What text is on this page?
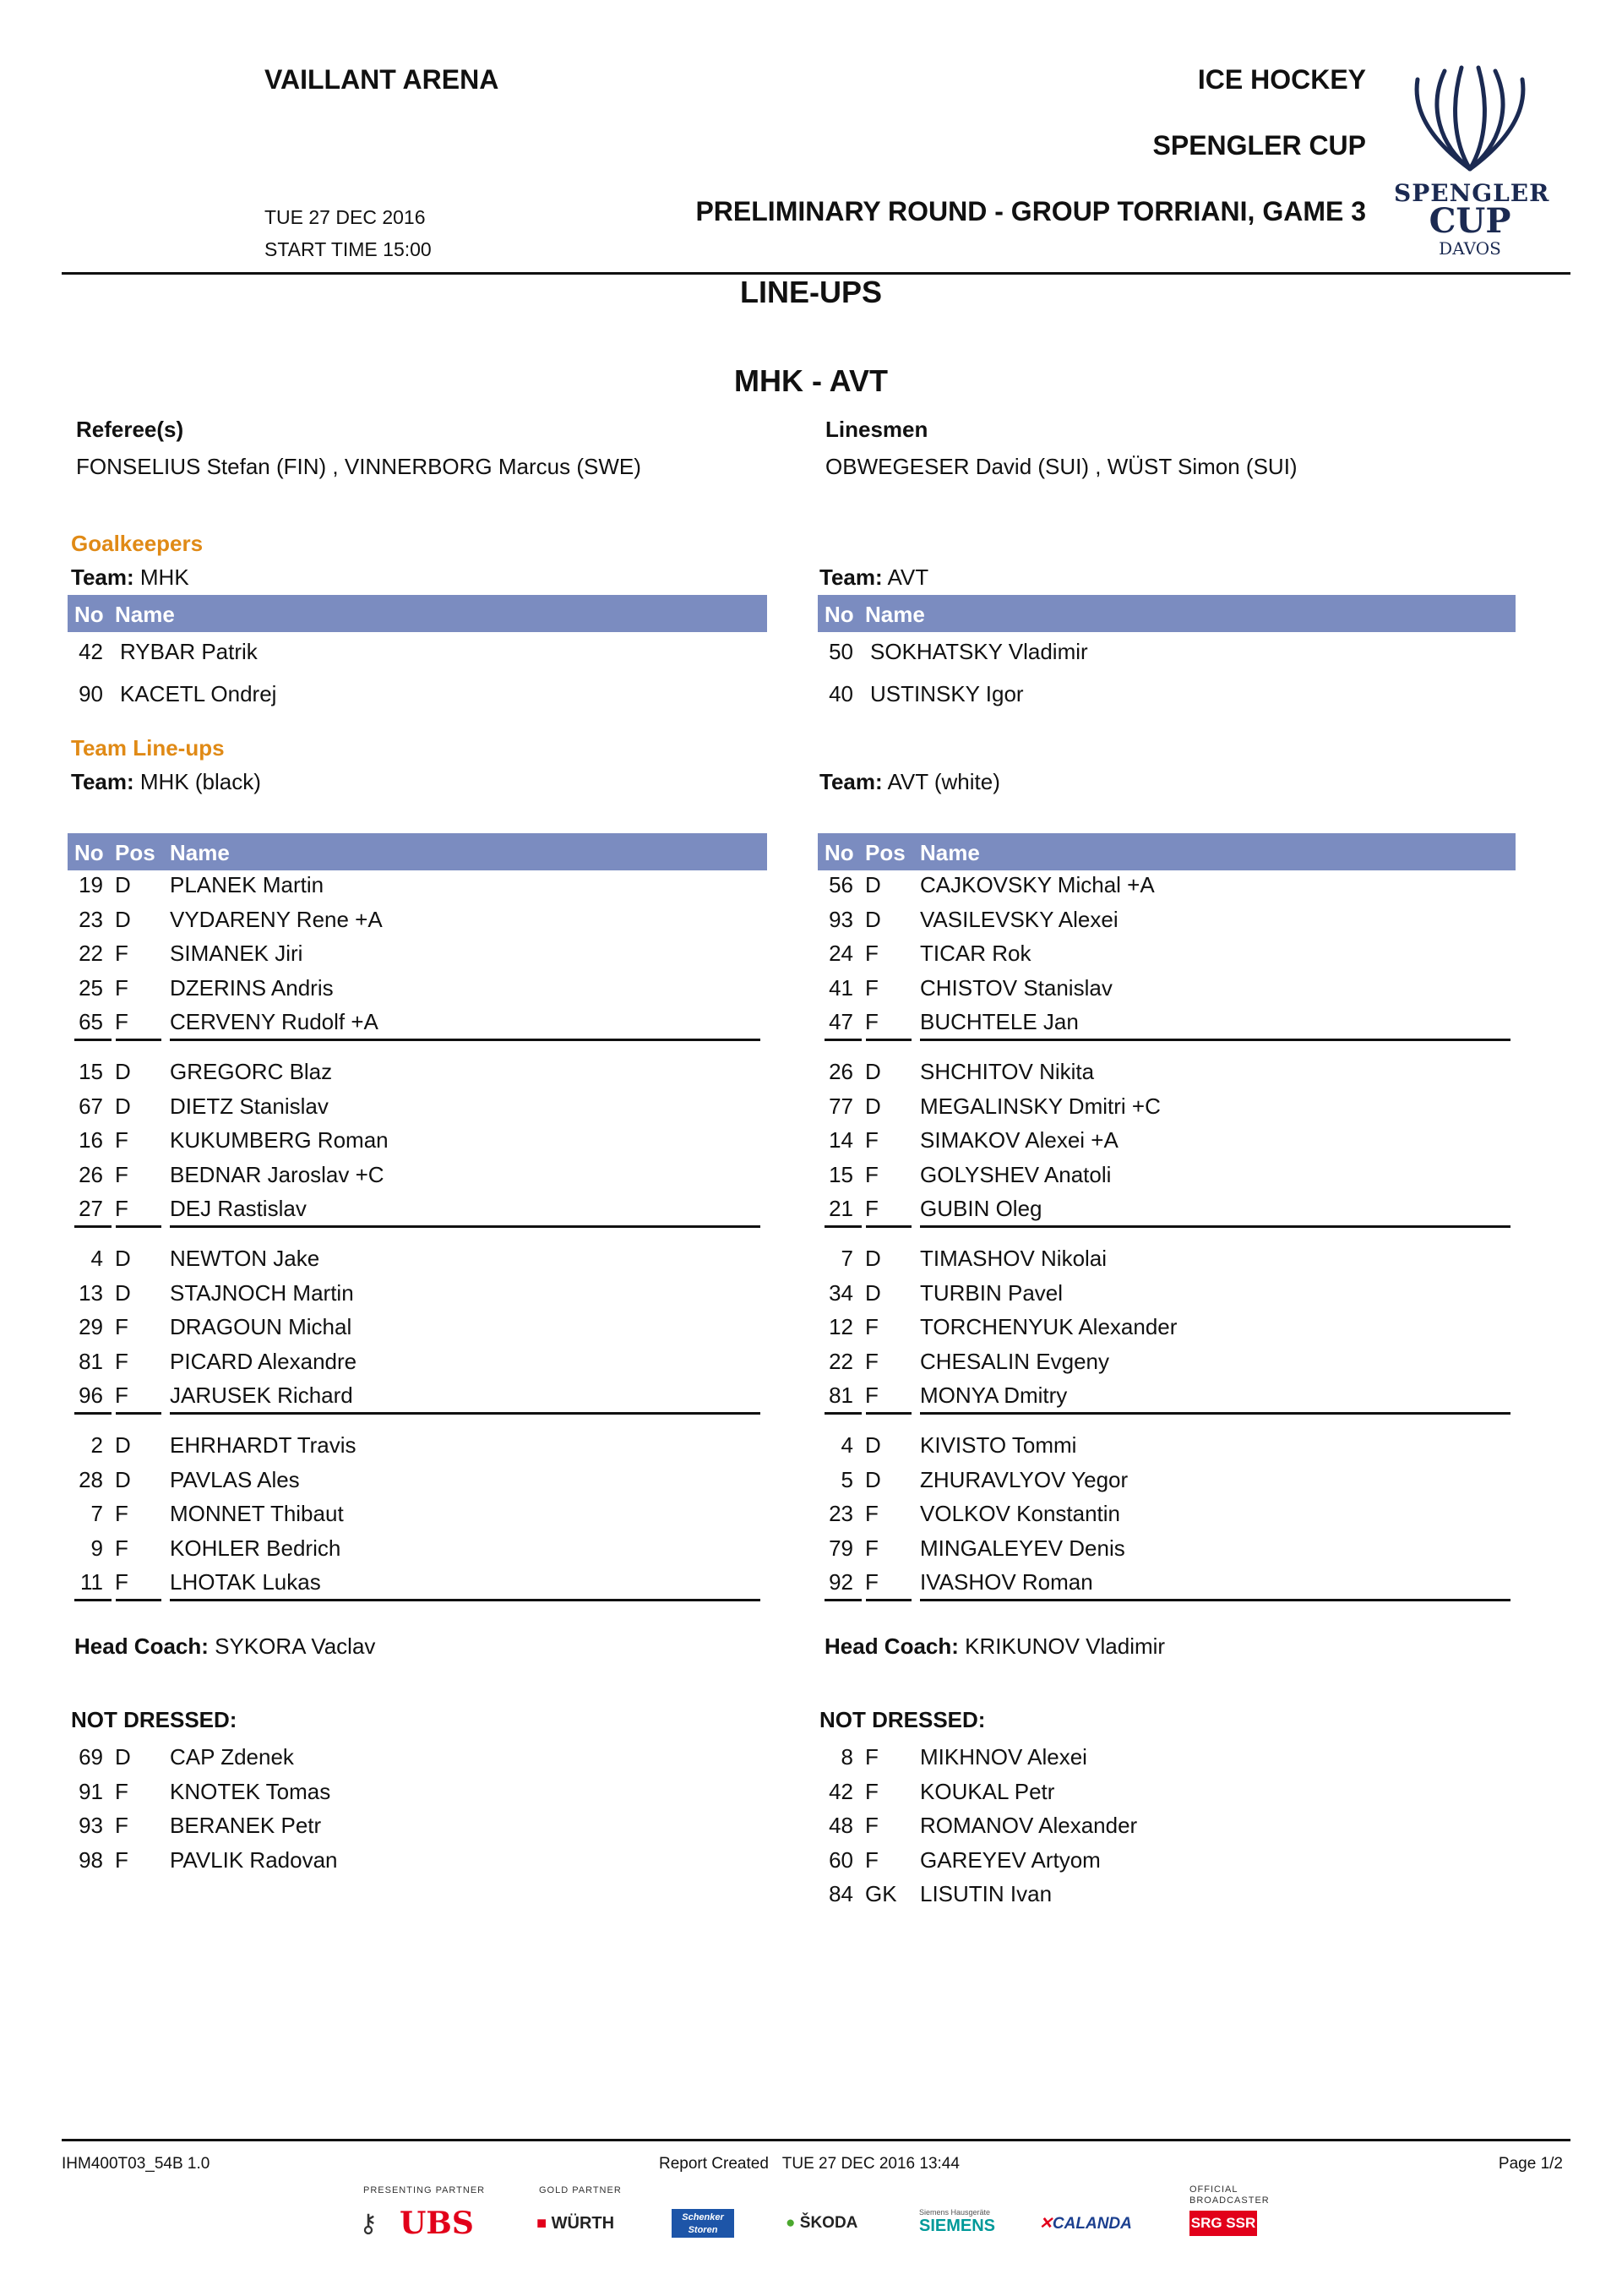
VAILLANT ARENA	ICE HOCKEY
SPENGLER CUP
TUE 27 DEC 2016	PRELIMINARY ROUND - GROUP TORRIANI, GAME 3
START TIME 15:00
SPENGLER
CUP
DAVOS
LINE-UPS
MHK - AVT
Referee(s)
FONSELIUS Stefan (FIN) , VINNERBORG Marcus (SWE)
Linesmen
OBWEGESER David (SUI) , WÜST Simon (SUI)
Goalkeepers
Team: MHK	Team: AVT
No Name	No Name
42 RYBAR Patrik
90 KACETL Ondrej
50 SOKHATSKY Vladimir
40 USTINSKY Igor
Team Line-ups
Team: MHK (black)	Team: AVT (white)
No Pos Name	No Pos Name
19 D PLANEK Martin
23 D VYDARENY Rene +A
22 F SIMANEK Jiri
25 F DZERINS Andris
65 F CERVENY Rudolf +A
15 D GREGORC Blaz
67 D DIETZ Stanislav
16 F KUKUMBERG Roman
26 F BEDNAR Jaroslav +C
27 F DEJ Rastislav
4 D NEWTON Jake
13 D STAJNOCH Martin
29 F DRAGOUN Michal
81 F PICARD Alexandre
96 F JARUSEK Richard
2 D EHRHARDT Travis
28 D PAVLAS Ales
7 F MONNET Thibaut
9 F KOHLER Bedrich
11 F LHOTAK Lukas
56 D CAJKOVSKY Michal +A
93 D VASILEVSKY Alexei
24 F TICAR Rok
41 F CHISTOV Stanislav
47 F BUCHTELE Jan
26 D SHCHITOV Nikita
77 D MEGALINSKY Dmitri +C
14 F SIMAKOV Alexei +A
15 F GOLYSHEV Anatoli
21 F GUBIN Oleg
7 D TIMASHOV Nikolai
34 D TURBIN Pavel
12 F TORCHENYUK Alexander
22 F CHESALIN Evgeny
81 F MONYA Dmitry
4 D KIVISTO Tommi
5 D ZHURAVLYOV Yegor
23 F VOLKOV Konstantin
79 F MINGALEYEV Denis
92 F IVASHOV Roman
Head Coach: SYKORA Vaclav	Head Coach: KRIKUNOV Vladimir
NOT DRESSED:	NOT DRESSED:
69 D CAP Zdenek
91 F KNOTEK Tomas
93 F BERANEK Petr
98 F PAVLIK Radovan
8 F MIKHNOV Alexei
42 F KOUKAL Petr
48 F ROMANOV Alexander
60 F GAREYEV Artyom
84 GK LISUTIN Ivan
IHM400T03_54B 1.0	Report Created TUE 27 DEC 2016 13:44	Page 1/2
PRESENTING PARTNER	GOLD PARTNER	OFFICIAL
BROADCASTER
⚷ UBS	■ WÜRTH	Schenker
Storen	● ŠKODA
Siemens Hausgeräte
SIEMENS	✕CALANDA	SRG SSR
